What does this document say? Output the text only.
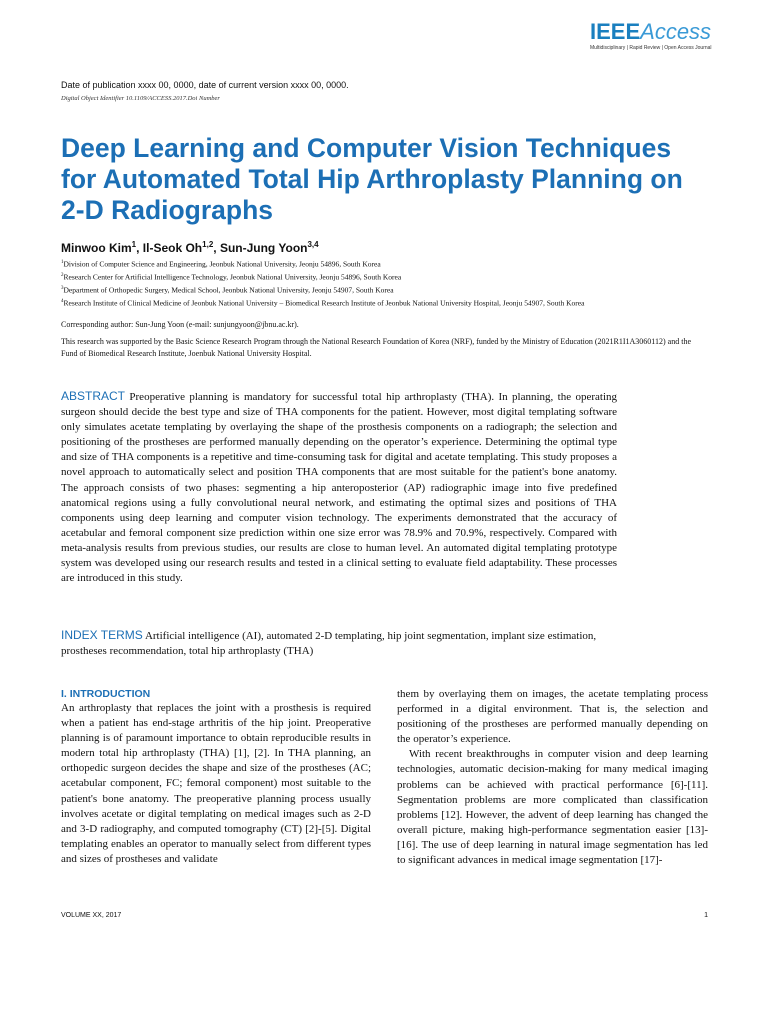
IEEEAccess
Multidisciplinary | Rapid Review | Open Access Journal
Date of publication xxxx 00, 0000, date of current version xxxx 00, 0000.
Digital Object Identifier 10.1109/ACCESS.2017.Doi Number
Deep Learning and Computer Vision Techniques for Automated Total Hip Arthroplasty Planning on 2-D Radiographs
Minwoo Kim$^1$, Il-Seok Oh$^{1,2}$, Sun-Jung Yoon$^{3,4}$
$^1$Division of Computer Science and Engineering, Jeonbuk National University, Jeonju 54896, South Korea
$^2$Research Center for Artificial Intelligence Technology, Jeonbuk National University, Jeonju 54896, South Korea
$^3$Department of Orthopedic Surgery, Medical School, Jeonbuk National University, Jeonju 54907, South Korea
$^4$Research Institute of Clinical Medicine of Jeonbuk National University – Biomedical Research Institute of Jeonbuk National University Hospital, Jeonju 54907, South Korea
Corresponding author: Sun-Jung Yoon (e-mail: sunjungyoon@jbnu.ac.kr).
This research was supported by the Basic Science Research Program through the National Research Foundation of Korea (NRF), funded by the Ministry of Education (2021R1I1A3060112) and the Fund of Biomedical Research Institute, Joenbuk National University Hospital.

ABSTRACT Preoperative planning is mandatory for successful total hip arthroplasty (THA). In planning, the operating surgeon should decide the best type and size of THA components for the patient. However, most digital templating software only simulates acetate templating by overlaying the shape of the prosthesis components on a radiograph; the selection and positioning of the prostheses are performed manually depending on the operator’s experience. Determining the optimal type and size of THA components is a repetitive and time-consuming task for digital and acetate templating. This study proposes a novel approach to automatically select and position THA components that are most suitable for the patient's bone anatomy. The approach consists of two phases: segmenting a hip anteroposterior (AP) radiographic image into five predefined anatomical regions using a fully convolutional neural network, and estimating the optimal sizes and positions of THA components using deep learning and computer vision technology. The experiments demonstrated that the accuracy of acetabular and femoral component size prediction within one size error was 78.9% and 70.9%, respectively. Compared with meta-analysis results from previous studies, our results are close to human level. An automated digital templating prototype system was developed using our research results and tested in a clinical setting to evaluate field adaptability. These processes are introduced in this study.

INDEX TERMS Artificial intelligence (AI), automated 2-D templating, hip joint segmentation, implant size estimation, prostheses recommendation, total hip arthroplasty (THA)

I. INTRODUCTION

An arthroplasty that replaces the joint with a prosthesis is required when a patient has end-stage arthritis of the hip joint. Preoperative planning is of paramount importance to obtain reproducible results in modern total hip arthroplasty (THA) [1], [2]. In THA planning, an orthopedic surgeon decides the shape and size of the prostheses (AC; acetabular component, FC; femoral component) most suitable to the patient's bone anatomy. The preoperative planning process usually involves acetate or digital templating on medical images such as 2-D and 3-D radiography, and computed tomography (CT) [2]-[5]. Digital templating enables an operator to manually select from different types and sizes of prostheses and validate

them by overlaying them on images, the acetate templating process performed in a digital environment. That is, the selection and positioning of the prostheses are performed manually depending on the operator’s experience.

With recent breakthroughs in computer vision and deep learning technologies, automatic decision-making for many medical imaging problems can be achieved with practical performance [6]-[11]. Segmentation problems are more complicated than classification problems [12]. However, the advent of deep learning has changed the overall picture, making high-performance segmentation easier [13]-[16]. The use of deep learning in natural image segmentation has led to significant advances in medical image segmentation [17]-

VOLUME XX, 2017	1
